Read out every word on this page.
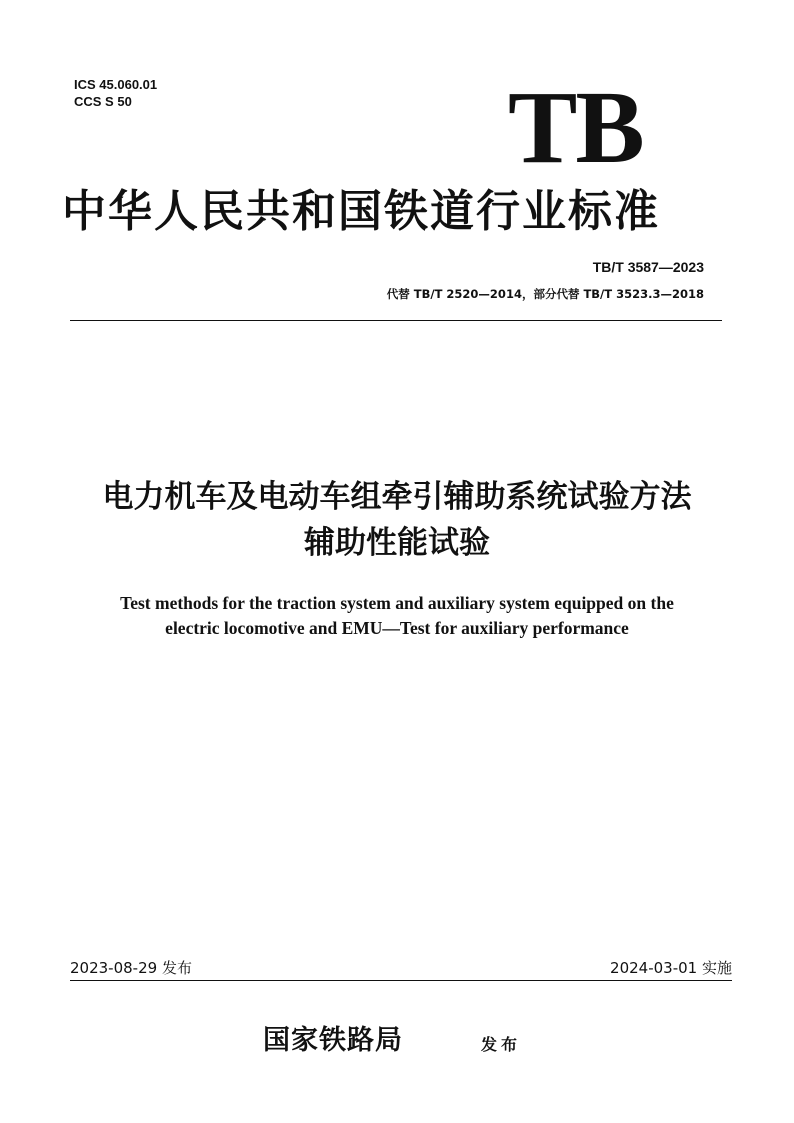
ICS 45.060.01
CCS S 50	TB
中华人民共和国铁道行业标准
TB/T 3587—2023
代替 TB/T 2520—2014，部分代替 TB/T 3523.3—2018
电力机车及电动车组牵引辅助系统试验方法
辅助性能试验
Test methods for the traction system and auxiliary system equipped on the
electric locomotive and EMU—Test for auxiliary performance
2023-08-29 发布	2024-03-01 实施
国家铁路局	发布
